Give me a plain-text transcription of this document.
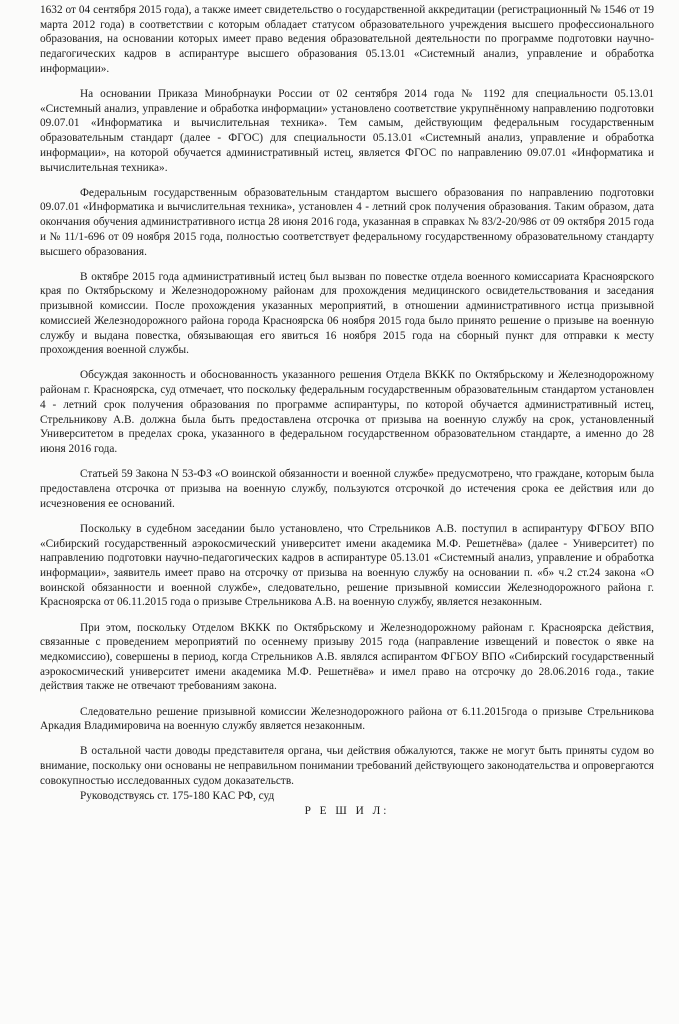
1632 от 04 сентября 2015 года), а также имеет свидетельство о государственной аккредитации (регистрационный № 1546 от 19 марта 2012 года) в соответствии с которым обладает статусом образовательного учреждения высшего профессионального образования, на основании которых имеет право ведения образовательной деятельности по программе подготовки научно-педагогических кадров в аспирантуре высшего образования 05.13.01 «Системный анализ, управление и обработка информации».

На основании Приказа Минобрнауки России от 02 сентября 2014 года № 1192 для специальности 05.13.01 «Системный анализ, управление и обработка информации» установлено соответствие укрупнённому направлению подготовки 09.07.01 «Информатика и вычислительная техника». Тем самым, действующим федеральным государственным образовательным стандарт (далее - ФГОС) для специальности 05.13.01 «Системный анализ, управление и обработка информации», на которой обучается административный истец, является ФГОС по направлению 09.07.01 «Информатика и вычислительная техника».

Федеральным государственным образовательным стандартом высшего образования по направлению подготовки 09.07.01 «Информатика и вычислительная техника», установлен 4 - летний срок получения образования. Таким образом, дата окончания обучения административного истца 28 июня 2016 года, указанная в справках № 83/2-20/986 от 09 октября 2015 года и № 11/1-696 от 09 ноября 2015 года, полностью соответствует федеральному государственному образовательному стандарту высшего образования.

В октябре 2015 года административный истец был вызван по повестке отдела военного комиссариата Красноярского края по Октябрьскому и Железнодорожному районам для прохождения медицинского освидетельствования и заседания призывной комиссии. После прохождения указанных мероприятий, в отношении административного истца призывной комиссией Железнодорожного района города Красноярска 06 ноября 2015 года было принято решение о призыве на военную службу и выдана повестка, обязывающая его явиться 16 ноября 2015 года на сборный пункт для отправки к месту прохождения военной службы.

Обсуждая законность и обоснованность указанного решения Отдела ВККК по Октябрьскому и Железнодорожному районам г. Красноярска, суд отмечает, что поскольку федеральным государственным образовательным стандартом установлен 4 - летний срок получения образования по программе аспирантуры, по которой обучается административный истец, Стрельникову А.В. должна была быть предоставлена отсрочка от призыва на военную службу на срок, установленный Университетом в пределах срока, указанного в федеральном государственном образовательном стандарте, а именно до 28 июня 2016 года.

Статьей 59 Закона N 53-ФЗ «О воинской обязанности и военной службе» предусмотрено, что граждане, которым была предоставлена отсрочка от призыва на военную службу, пользуются отсрочкой до истечения срока ее действия или до исчезновения ее оснований.

Поскольку в судебном заседании было установлено, что Стрельников А.В. поступил в аспирантуру ФГБОУ ВПО «Сибирский государственный аэрокосмический университет имени академика М.Ф. Решетнёва» (далее - Университет) по направлению подготовки научно-педагогических кадров в аспирантуре 05.13.01 «Системный анализ, управление и обработка информации», заявитель имеет право на отсрочку от призыва на военную службу на основании п. «б» ч.2 ст.24 закона «О воинской обязанности и военной службе», следовательно, решение призывной комиссии Железнодорожного района г. Красноярска от 06.11.2015 года о призыве Стрельникова А.В. на военную службу, является незаконным.

При этом, поскольку Отделом ВККК по Октябрьскому и Железнодорожному районам г. Красноярска действия, связанные с проведением мероприятий по осеннему призыву 2015 года (направление извещений и повесток о явке на медкомиссию), совершены в период, когда Стрельников А.В. являлся аспирантом ФГБОУ ВПО «Сибирский государственный аэрокосмический университет имени академика М.Ф. Решетнёва» и имел право на отсрочку до 28.06.2016 года., такие действия также не отвечают требованиям закона.

Следовательно решение призывной комиссии Железнодорожного района от 6.11.2015года о призыве Стрельникова Аркадия Владимировича на военную службу является незаконным.

В остальной части доводы представителя органа, чьи действия обжалуются, также не могут быть приняты судом во внимание, поскольку они основаны не неправильном понимании требований действующего законодательства и опровергаются совокупностью исследованных судом доказательств.

Руководствуясь ст. 175-180 КАС РФ, суд

Р Е Ш И Л:
